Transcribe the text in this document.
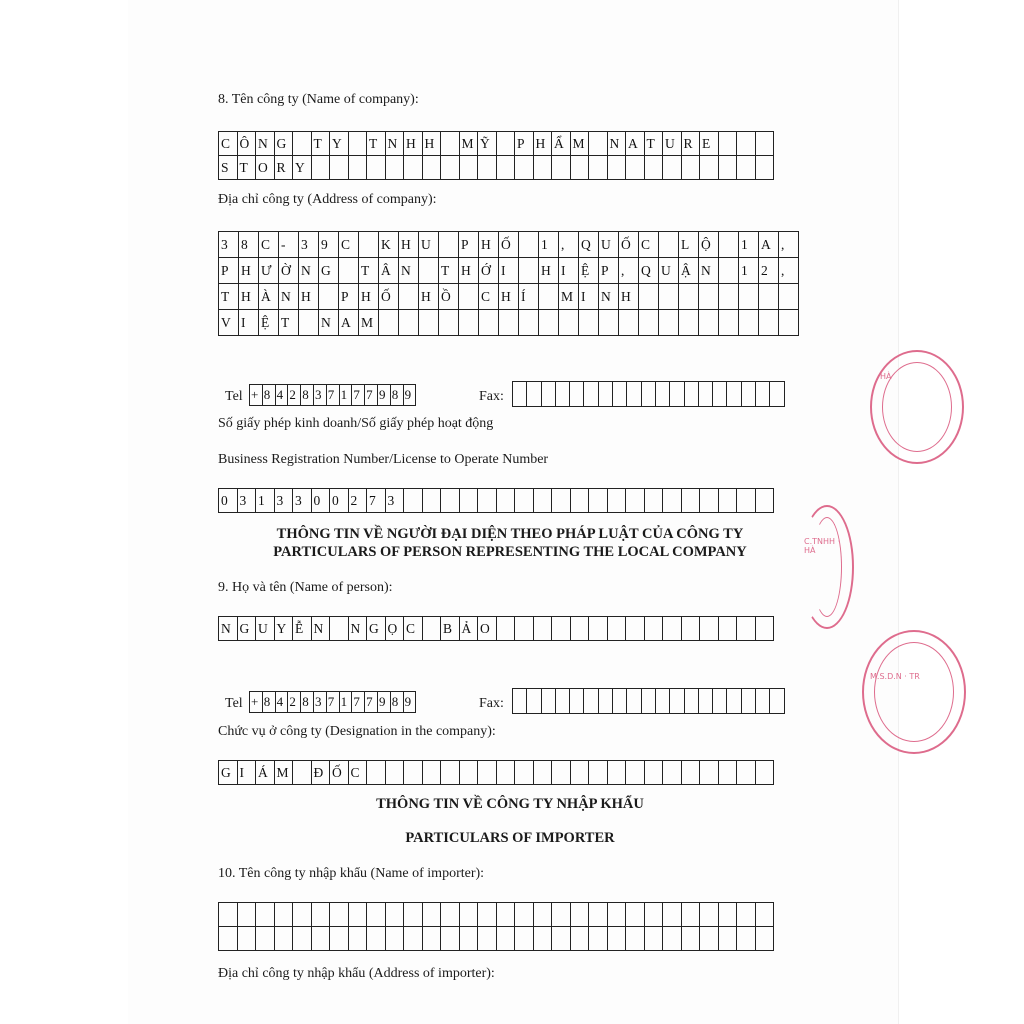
8. Tên công ty (Name of company):
C Ô N G	T Y	T N H H	M Ỹ	P H Ẩ M	N A T U R E
S T O R Y
Địa chỉ công ty (Address of company):
3 8 C -	3 9 C	K H U	P H Ố	1 ,	Q U Ố C	L Ộ	1 A ,
P H Ư Ờ N G	T Â N	T H Ớ I	H I	Ệ P ,	Q U Ậ N	1 2 ,
T H À N H	P H Ố	H Ồ	C H Í	M I	N H
V I	Ệ T	N A M
Tel + 8 4 2 8 3 7 1 7 7 9 8 9	Fax:
Số giấy phép kinh doanh/Số giấy phép hoạt động
Business Registration Number/License to Operate Number
0 3 1 3 3 0 0 2 7 3
THÔNG TIN VỀ NGƯỜI ĐẠI DIỆN THEO PHÁP LUẬT CỦA CÔNG TY
PARTICULARS OF PERSON REPRESENTING THE LOCAL COMPANY
9. Họ và tên (Name of person):
N G U Y Ễ N	N G Ọ C	B Ả O
Tel + 8 4 2 8 3 7 1 7 7 9 8 9	Fax:
Chức vụ ở công ty (Designation in the company):
G I	Á M	Đ Ố C
THÔNG TIN VỀ CÔNG TY NHẬP KHẨU
PARTICULARS OF IMPORTER
10. Tên công ty nhập khẩu (Name of importer):
Địa chỉ công ty nhập khẩu (Address of importer):
HÀ
C.TNHH · HÀ
M.S.D.N · TR
